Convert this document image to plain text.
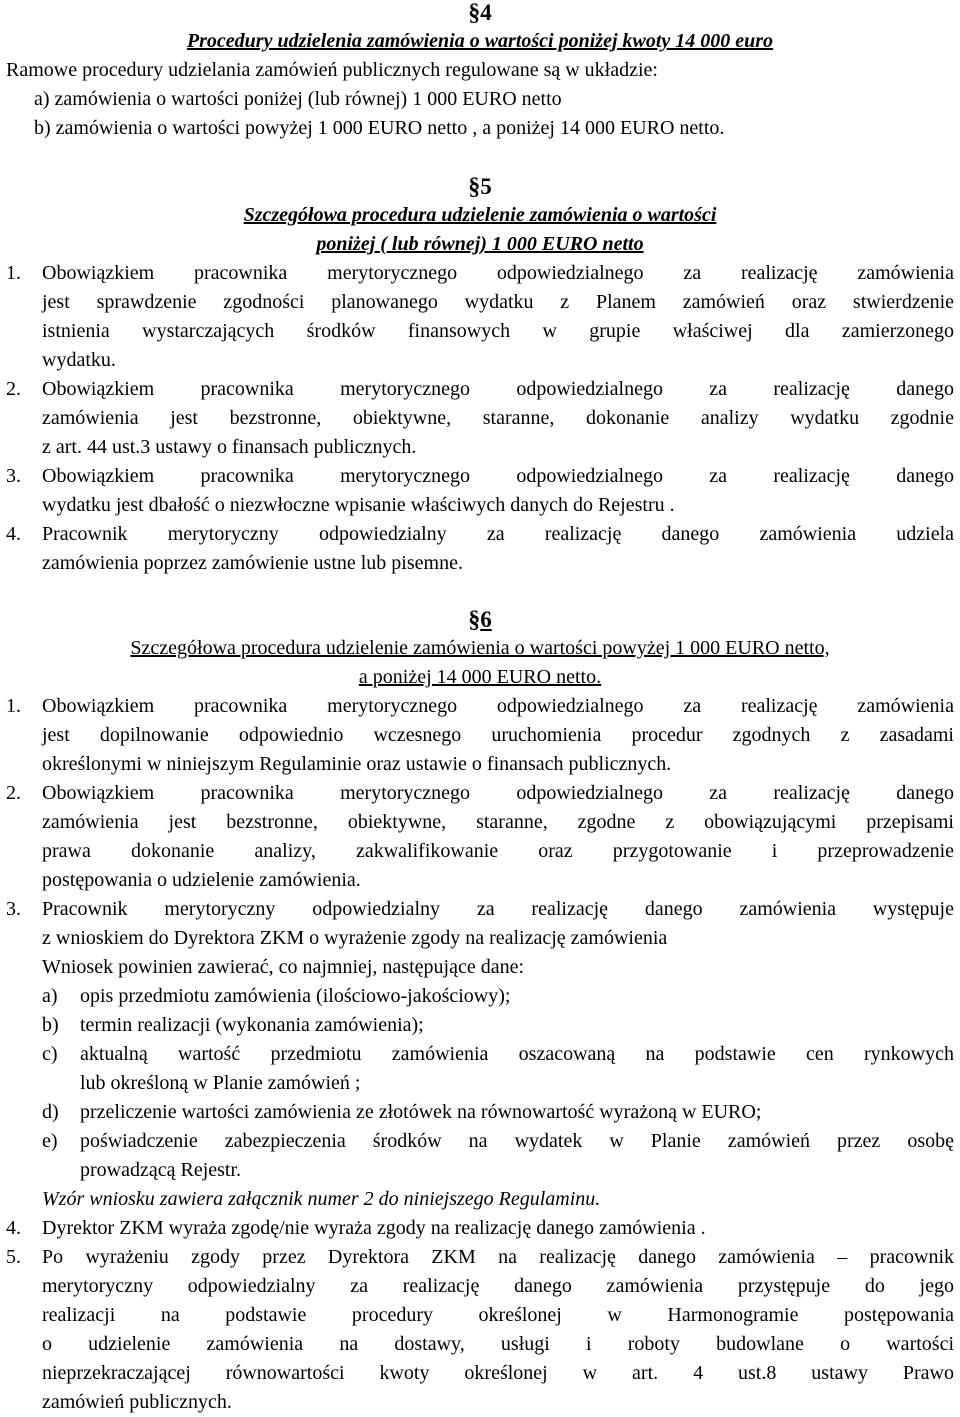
§4
Procedury udzielenia zamówienia o wartości poniżej kwoty 14 000 euro
Ramowe procedury udzielania zamówień publicznych regulowane są w układzie:
a) zamówienia o wartości poniżej (lub równej) 1 000 EURO netto
b) zamówienia o wartości powyżej 1 000 EURO netto , a poniżej 14 000 EURO netto.
§5
Szczegółowa procedura udzielenie zamówienia o wartości
poniżej ( lub równej) 1 000 EURO netto
1. Obowiązkiem pracownika merytorycznego odpowiedzialnego za realizację zamówienia
jest sprawdzenie zgodności planowanego wydatku z Planem zamówień oraz stwierdzenie
istnienia wystarczających środków finansowych w grupie właściwej dla zamierzonego
wydatku.
2. Obowiązkiem pracownika merytorycznego odpowiedzialnego za realizację danego
zamówienia jest bezstronne, obiektywne, staranne, dokonanie analizy wydatku zgodnie
z art. 44 ust.3 ustawy o finansach publicznych.
3. Obowiązkiem pracownika merytorycznego odpowiedzialnego za realizację danego
wydatku jest dbałość o niezwłoczne wpisanie właściwych danych do Rejestru .
4. Pracownik merytoryczny odpowiedzialny za realizację danego zamówienia udziela
zamówienia poprzez zamówienie ustne lub pisemne.
§6
Szczegółowa procedura udzielenie zamówienia o wartości powyżej 1 000 EURO netto,
a poniżej 14 000 EURO netto.
1. Obowiązkiem pracownika merytorycznego odpowiedzialnego za realizację zamówienia
jest dopilnowanie odpowiednio wczesnego uruchomienia procedur zgodnych z zasadami
określonymi w niniejszym Regulaminie oraz ustawie o finansach publicznych.
2. Obowiązkiem pracownika merytorycznego odpowiedzialnego za realizację danego
zamówienia jest bezstronne, obiektywne, staranne, zgodne z obowiązującymi przepisami
prawa dokonanie analizy, zakwalifikowanie oraz przygotowanie i przeprowadzenie
postępowania o udzielenie zamówienia.
3. Pracownik merytoryczny odpowiedzialny za realizację danego zamówienia występuje
z wnioskiem do Dyrektora ZKM o wyrażenie zgody na realizację zamówienia
Wniosek powinien zawierać, co najmniej, następujące dane:
a) opis przedmiotu zamówienia (ilościowo-jakościowy);
b) termin realizacji (wykonania zamówienia);
c) aktualną wartość przedmiotu zamówienia oszacowaną na podstawie cen rynkowych
lub określoną w Planie zamówień ;
d) przeliczenie wartości zamówienia ze złotówek na równowartość wyrażoną w EURO;
e) poświadczenie zabezpieczenia środków na wydatek w Planie zamówień przez osobę
prowadzącą Rejestr.
Wzór wniosku zawiera załącznik numer 2 do niniejszego Regulaminu.
4. Dyrektor ZKM wyraża zgodę/nie wyraża zgody na realizację danego zamówienia .
5. Po wyrażeniu zgody przez Dyrektora ZKM na realizację danego zamówienia – pracownik
merytoryczny odpowiedzialny za realizację danego zamówienia przystępuje do jego
realizacji na podstawie procedury określonej w Harmonogramie postępowania
o udzielenie zamówienia na dostawy, usługi i roboty budowlane o wartości
nieprzekraczającej równowartości kwoty określonej w art. 4 ust.8 ustawy Prawo
zamówień publicznych.
